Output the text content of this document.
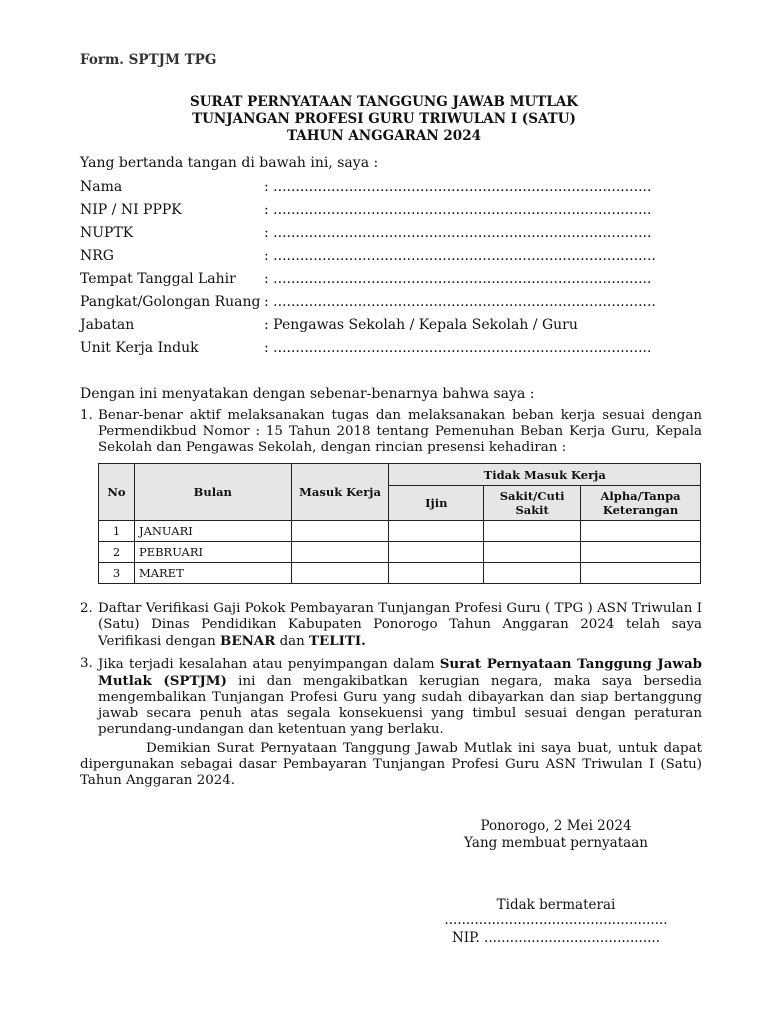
Form. SPTJM TPG
SURAT PERNYATAAN TANGGUNG JAWAB MUTLAK
TUNJANGAN PROFESI GURU TRIWULAN I (SATU)
TAHUN ANGGARAN 2024
Yang bertanda tangan di bawah ini, saya :
Nama	: .....................................................................................
NIP / NI PPPK	: .....................................................................................
NUPTK	: .....................................................................................
NRG	: ......................................................................................
Tempat Tanggal Lahir : .....................................................................................
Pangkat/Golongan Ruang : ......................................................................................
Jabatan	: Pengawas Sekolah / Kepala Sekolah / Guru
Unit Kerja Induk	: .....................................................................................
Dengan ini menyatakan dengan sebenar-benarnya bahwa saya :
1. Benar-benar aktif melaksanakan tugas dan melaksanakan beban kerja sesuai dengan Permendikbud Nomor : 15 Tahun 2018 tentang Pemenuhan Beban Kerja Guru, Kepala Sekolah dan Pengawas Sekolah, dengan rincian presensi kehadiran :
No	Bulan	Masuk Kerja	Tidak Masuk Kerja		
			Ijin	Sakit/Cuti Sakit	Alpha/Tanpa Keterangan
1	JANUARI				
2	PEBRUARI				
3	MARET				
2. Daftar Verifikasi Gaji Pokok Pembayaran Tunjangan Profesi Guru ( TPG ) ASN Triwulan I (Satu) Dinas Pendidikan Kabupaten Ponorogo Tahun Anggaran 2024 telah saya Verifikasi dengan BENAR dan TELITI.
3. Jika terjadi kesalahan atau penyimpangan dalam Surat Pernyataan Tanggung Jawab Mutlak (SPTJM) ini dan mengakibatkan kerugian negara, maka saya bersedia mengembalikan Tunjangan Profesi Guru yang sudah dibayarkan dan siap bertanggung jawab secara penuh atas segala konsekuensi yang timbul sesuai dengan peraturan perundang-undangan dan ketentuan yang berlaku.
Demikian Surat Pernyataan Tanggung Jawab Mutlak ini saya buat, untuk dapat dipergunakan sebagai dasar Pembayaran Tunjangan Profesi Guru ASN Triwulan I (Satu) Tahun Anggaran 2024.
Ponorogo, 2 Mei 2024
Yang membuat pernyataan
Tidak bermaterai
....................................................
NIP. .........................................
